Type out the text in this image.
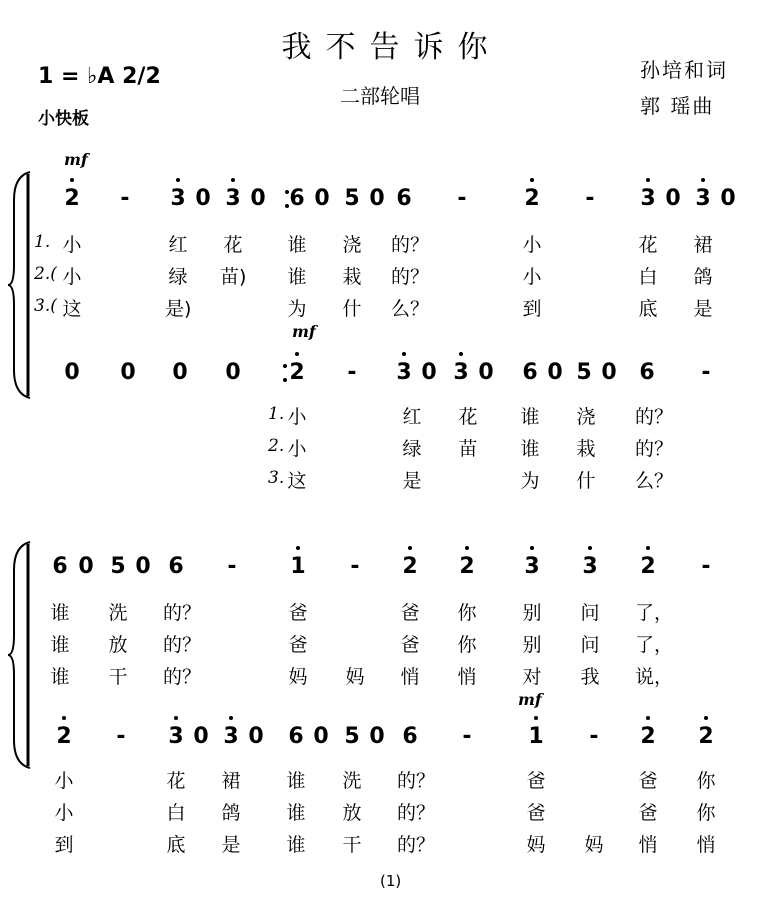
我不告诉你
二部轮唱
孙培和词
郭 瑶曲
1 = ♭A 2/2
小快板
(1)
mf
mf
2 - 3 0 3 0 6 0 5 0 6 -	2 - 3 0 3 0
1.
2.(
3.(
小	红 花 谁 浇 的？	小	花 裙
小	绿 苗) 谁 栽 的？	小	白 鸽
这	是)	为 什 么？	到	底 是
0 0 0 0 2 - 3 0 3 0 6 0 5 0 6 -
1.
2.
3.
小	红 花 谁 浇 的？
小	绿 苗 谁 栽 的？
这	是	为 什 么？
mf
6 0 5 0 6 - 1 - 2 2 3 3 2 -
谁 洗 的？	爸	爸 你 别 问 了，
谁 放 的？	爸	爸 你 别 问 了，
谁 干 的？	妈 妈 悄 悄 对 我 说，
2 - 3 0 3 0 6 0 5 0 6 -	1 - 2 2
小	花 裙 谁 洗 的？	爸	爸 你
小	白 鸽 谁 放 的？	爸	爸 你
到	底 是 谁 干 的？	妈 妈 悄 悄
